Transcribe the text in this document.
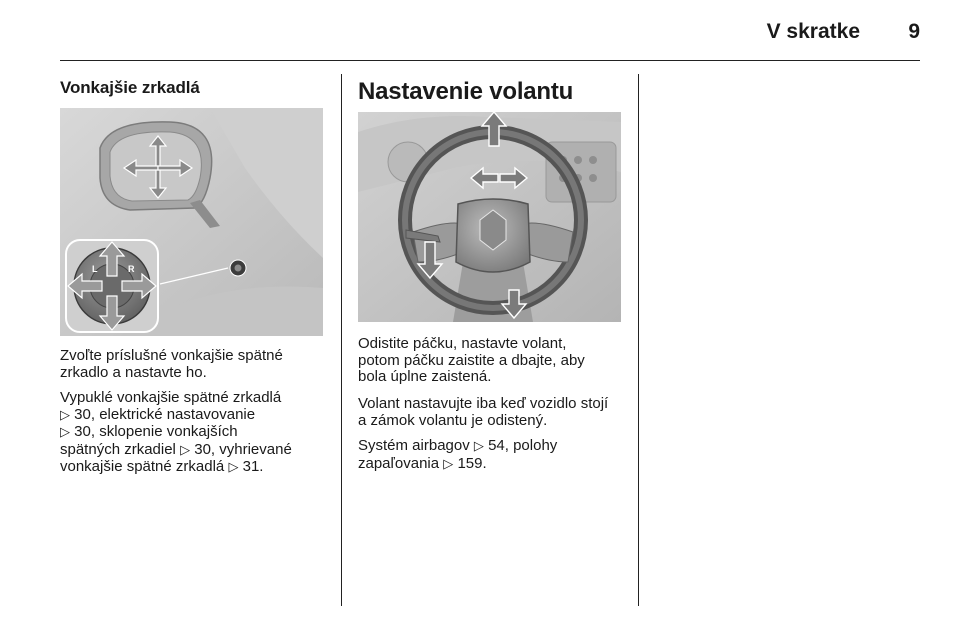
V skratke	9
Vonkajšie zrkadlá
L	R
Zvoľte príslušné vonkajšie spätné
zrkadlo a nastavte ho.
Vypuklé vonkajšie spätné zrkadlá
▷ 30, elektrické nastavovanie
▷ 30, sklopenie vonkajších
spätných zrkadiel ▷ 30, vyhrievané
vonkajšie spätné zrkadlá ▷ 31.
Nastavenie volantu
Odistite páčku, nastavte volant,
potom páčku zaistite a dbajte, aby
bola úplne zaistená.
Volant nastavujte iba keď vozidlo stojí
a zámok volantu je odistený.
Systém airbagov ▷ 54, polohy
zapaľovania ▷ 159.
